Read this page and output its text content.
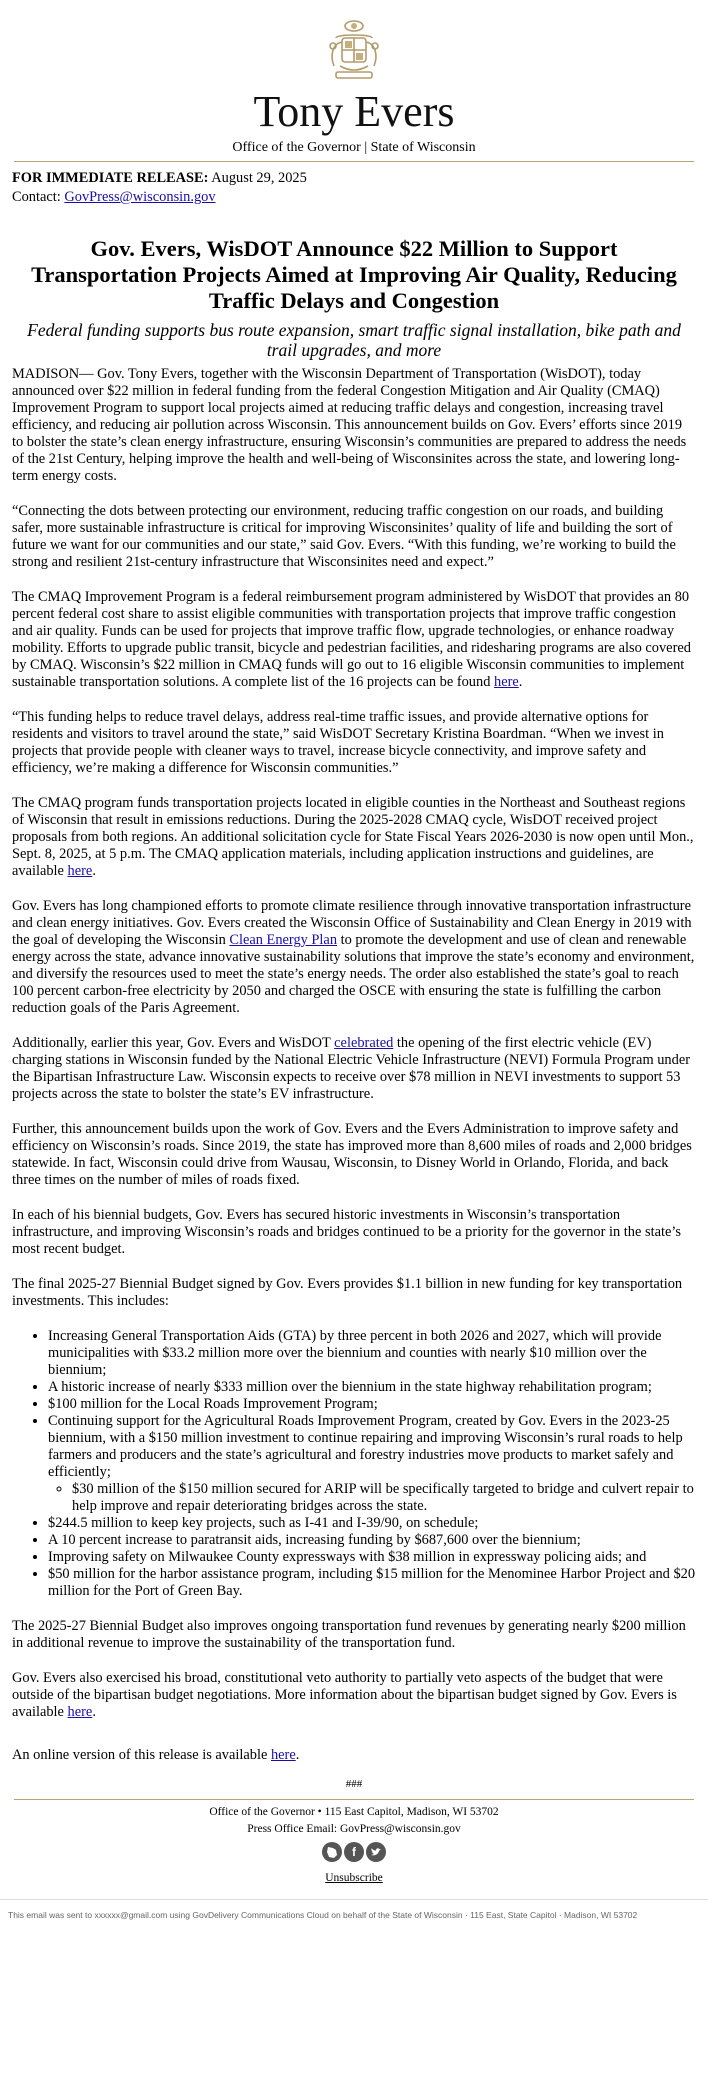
Tony Evers
Office of the Governor | State of Wisconsin
FOR IMMEDIATE RELEASE: August 29, 2025
Contact: GovPress@wisconsin.gov
Gov. Evers, WisDOT Announce $22 Million to Support Transportation Projects Aimed at Improving Air Quality, Reducing Traffic Delays and Congestion
Federal funding supports bus route expansion, smart traffic signal installation, bike path and trail upgrades, and more

MADISON— Gov. Tony Evers, together with the Wisconsin Department of Transportation (WisDOT), today announced over $22 million in federal funding from the federal Congestion Mitigation and Air Quality (CMAQ) Improvement Program to support local projects aimed at reducing traffic delays and congestion, increasing travel efficiency, and reducing air pollution across Wisconsin. This announcement builds on Gov. Evers’ efforts since 2019 to bolster the state’s clean energy infrastructure, ensuring Wisconsin’s communities are prepared to address the needs of the 21st Century, helping improve the health and well-being of Wisconsinites across the state, and lowering long-term energy costs.

“Connecting the dots between protecting our environment, reducing traffic congestion on our roads, and building safer, more sustainable infrastructure is critical for improving Wisconsinites’ quality of life and building the sort of future we want for our communities and our state,” said Gov. Evers. “With this funding, we’re working to build the strong and resilient 21st-century infrastructure that Wisconsinites need and expect.”

The CMAQ Improvement Program is a federal reimbursement program administered by WisDOT that provides an 80 percent federal cost share to assist eligible communities with transportation projects that improve traffic congestion and air quality. Funds can be used for projects that improve traffic flow, upgrade technologies, or enhance roadway mobility. Efforts to upgrade public transit, bicycle and pedestrian facilities, and ridesharing programs are also covered by CMAQ. Wisconsin’s $22 million in CMAQ funds will go out to 16 eligible Wisconsin communities to implement sustainable transportation solutions. A complete list of the 16 projects can be found here.

“This funding helps to reduce travel delays, address real-time traffic issues, and provide alternative options for residents and visitors to travel around the state,” said WisDOT Secretary Kristina Boardman. “When we invest in projects that provide people with cleaner ways to travel, increase bicycle connectivity, and improve safety and efficiency, we’re making a difference for Wisconsin communities.”

The CMAQ program funds transportation projects located in eligible counties in the Northeast and Southeast regions of Wisconsin that result in emissions reductions. During the 2025-2028 CMAQ cycle, WisDOT received project proposals from both regions. An additional solicitation cycle for State Fiscal Years 2026-2030 is now open until Mon., Sept. 8, 2025, at 5 p.m. The CMAQ application materials, including application instructions and guidelines, are available here.

Gov. Evers has long championed efforts to promote climate resilience through innovative transportation infrastructure and clean energy initiatives. Gov. Evers created the Wisconsin Office of Sustainability and Clean Energy in 2019 with the goal of developing the Wisconsin Clean Energy Plan to promote the development and use of clean and renewable energy across the state, advance innovative sustainability solutions that improve the state’s economy and environment, and diversify the resources used to meet the state’s energy needs. The order also established the state’s goal to reach 100 percent carbon-free electricity by 2050 and charged the OSCE with ensuring the state is fulfilling the carbon reduction goals of the Paris Agreement.

Additionally, earlier this year, Gov. Evers and WisDOT celebrated the opening of the first electric vehicle (EV) charging stations in Wisconsin funded by the National Electric Vehicle Infrastructure (NEVI) Formula Program under the Bipartisan Infrastructure Law. Wisconsin expects to receive over $78 million in NEVI investments to support 53 projects across the state to bolster the state’s EV infrastructure.

Further, this announcement builds upon the work of Gov. Evers and the Evers Administration to improve safety and efficiency on Wisconsin’s roads. Since 2019, the state has improved more than 8,600 miles of roads and 2,000 bridges statewide. In fact, Wisconsin could drive from Wausau, Wisconsin, to Disney World in Orlando, Florida, and back three times on the number of miles of roads fixed.

In each of his biennial budgets, Gov. Evers has secured historic investments in Wisconsin’s transportation infrastructure, and improving Wisconsin’s roads and bridges continued to be a priority for the governor in the state’s most recent budget.

The final 2025-27 Biennial Budget signed by Gov. Evers provides $1.1 billion in new funding for key transportation investments. This includes:

• Increasing General Transportation Aids (GTA) by three percent in both 2026 and 2027, which will provide municipalities with $33.2 million more over the biennium and counties with nearly $10 million over the biennium;
• A historic increase of nearly $333 million over the biennium in the state highway rehabilitation program;
• $100 million for the Local Roads Improvement Program;
• Continuing support for the Agricultural Roads Improvement Program, created by Gov. Evers in the 2023-25 biennium, with a $150 million investment to continue repairing and improving Wisconsin’s rural roads to help farmers and producers and the state’s agricultural and forestry industries move products to market safely and efficiently;
◦ $30 million of the $150 million secured for ARIP will be specifically targeted to bridge and culvert repair to help improve and repair deteriorating bridges across the state.
• $244.5 million to keep key projects, such as I-41 and I-39/90, on schedule;
• A 10 percent increase to paratransit aids, increasing funding by $687,600 over the biennium;
• Improving safety on Milwaukee County expressways with $38 million in expressway policing aids; and
• $50 million for the harbor assistance program, including $15 million for the Menominee Harbor Project and $20 million for the Port of Green Bay.

The 2025-27 Biennial Budget also improves ongoing transportation fund revenues by generating nearly $200 million in additional revenue to improve the sustainability of the transportation fund.

Gov. Evers also exercised his broad, constitutional veto authority to partially veto aspects of the budget that were outside of the bipartisan budget negotiations. More information about the bipartisan budget signed by Gov. Evers is available here.

An online version of this release is available here.

###
Office of the Governor • 115 East Capitol, Madison, WI 53702
Press Office Email: GovPress@wisconsin.gov
f
Unsubscribe
This email was sent to xxxxxx@gmail.com using GovDelivery Communications Cloud on behalf of the State of Wisconsin · 115 East, State Capitol · Madison, WI 53702
